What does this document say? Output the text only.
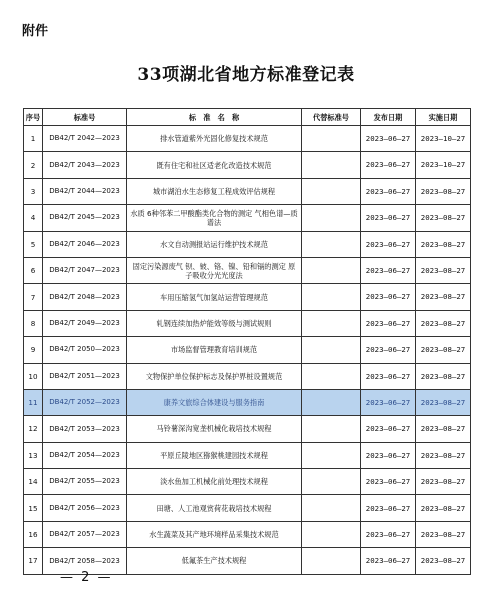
附件
33项湖北省地方标准登记表
序号	标准号	标　准　名　称	代替标准号	发布日期	实施日期
1	DB42/T 2042—2023	排水管道紫外光固化修复技术规范		2023—06—27	2023—10—27
2	DB42/T 2043—2023	既有住宅和社区适老化改造技术规范		2023—06—27	2023—10—27
3	DB42/T 2044—2023	城市湖泊水生态修复工程成效评估规程		2023—06—27	2023—08—27
4	DB42/T 2045—2023	水质 6种邻苯二甲酸酯类化合物的测定 气相色谱—质谱法		2023—06—27	2023—08—27
5	DB42/T 2046—2023	水文自动测报站运行维护技术规范		2023—06—27	2023—08—27
6	DB42/T 2047—2023	固定污染源废气 钡、铍、铬、镍、铅和镉的测定 原子吸收分光光度法		2023—06—27	2023—08—27
7	DB42/T 2048—2023	车用压缩氢气加氢站运营管理规范		2023—06—27	2023—08—27
8	DB42/T 2049—2023	轧钢连续加热炉能效等级与测试规则		2023—06—27	2023—08—27
9	DB42/T 2050—2023	市场监督管理教育培训规范		2023—06—27	2023—08—27
10	DB42/T 2051—2023	文物保护单位保护标志及保护界桩设置规范		2023—06—27	2023—08—27
11	DB42/T 2052—2023	康养文旅综合体建设与服务指南		2023—06—27	2023—08—27
12	DB42/T 2053—2023	马铃薯深沟宽垄机械化栽培技术规程		2023—06—27	2023—08—27
13	DB42/T 2054—2023	平原丘陵地区猕猴桃建园技术规程		2023—06—27	2023—08—27
14	DB42/T 2055—2023	淡水鱼加工机械化前处理技术规程		2023—06—27	2023—08—27
15	DB42/T 2056—2023	田塘、人工池观赏荷花栽培技术规程		2023—06—27	2023—08—27
16	DB42/T 2057—2023	水生蔬菜及其产地环境样品采集技术规范		2023—06—27	2023—08—27
17	DB42/T 2058—2023	低氟茶生产技术规程		2023—06—27	2023—08—27
— 2 —
